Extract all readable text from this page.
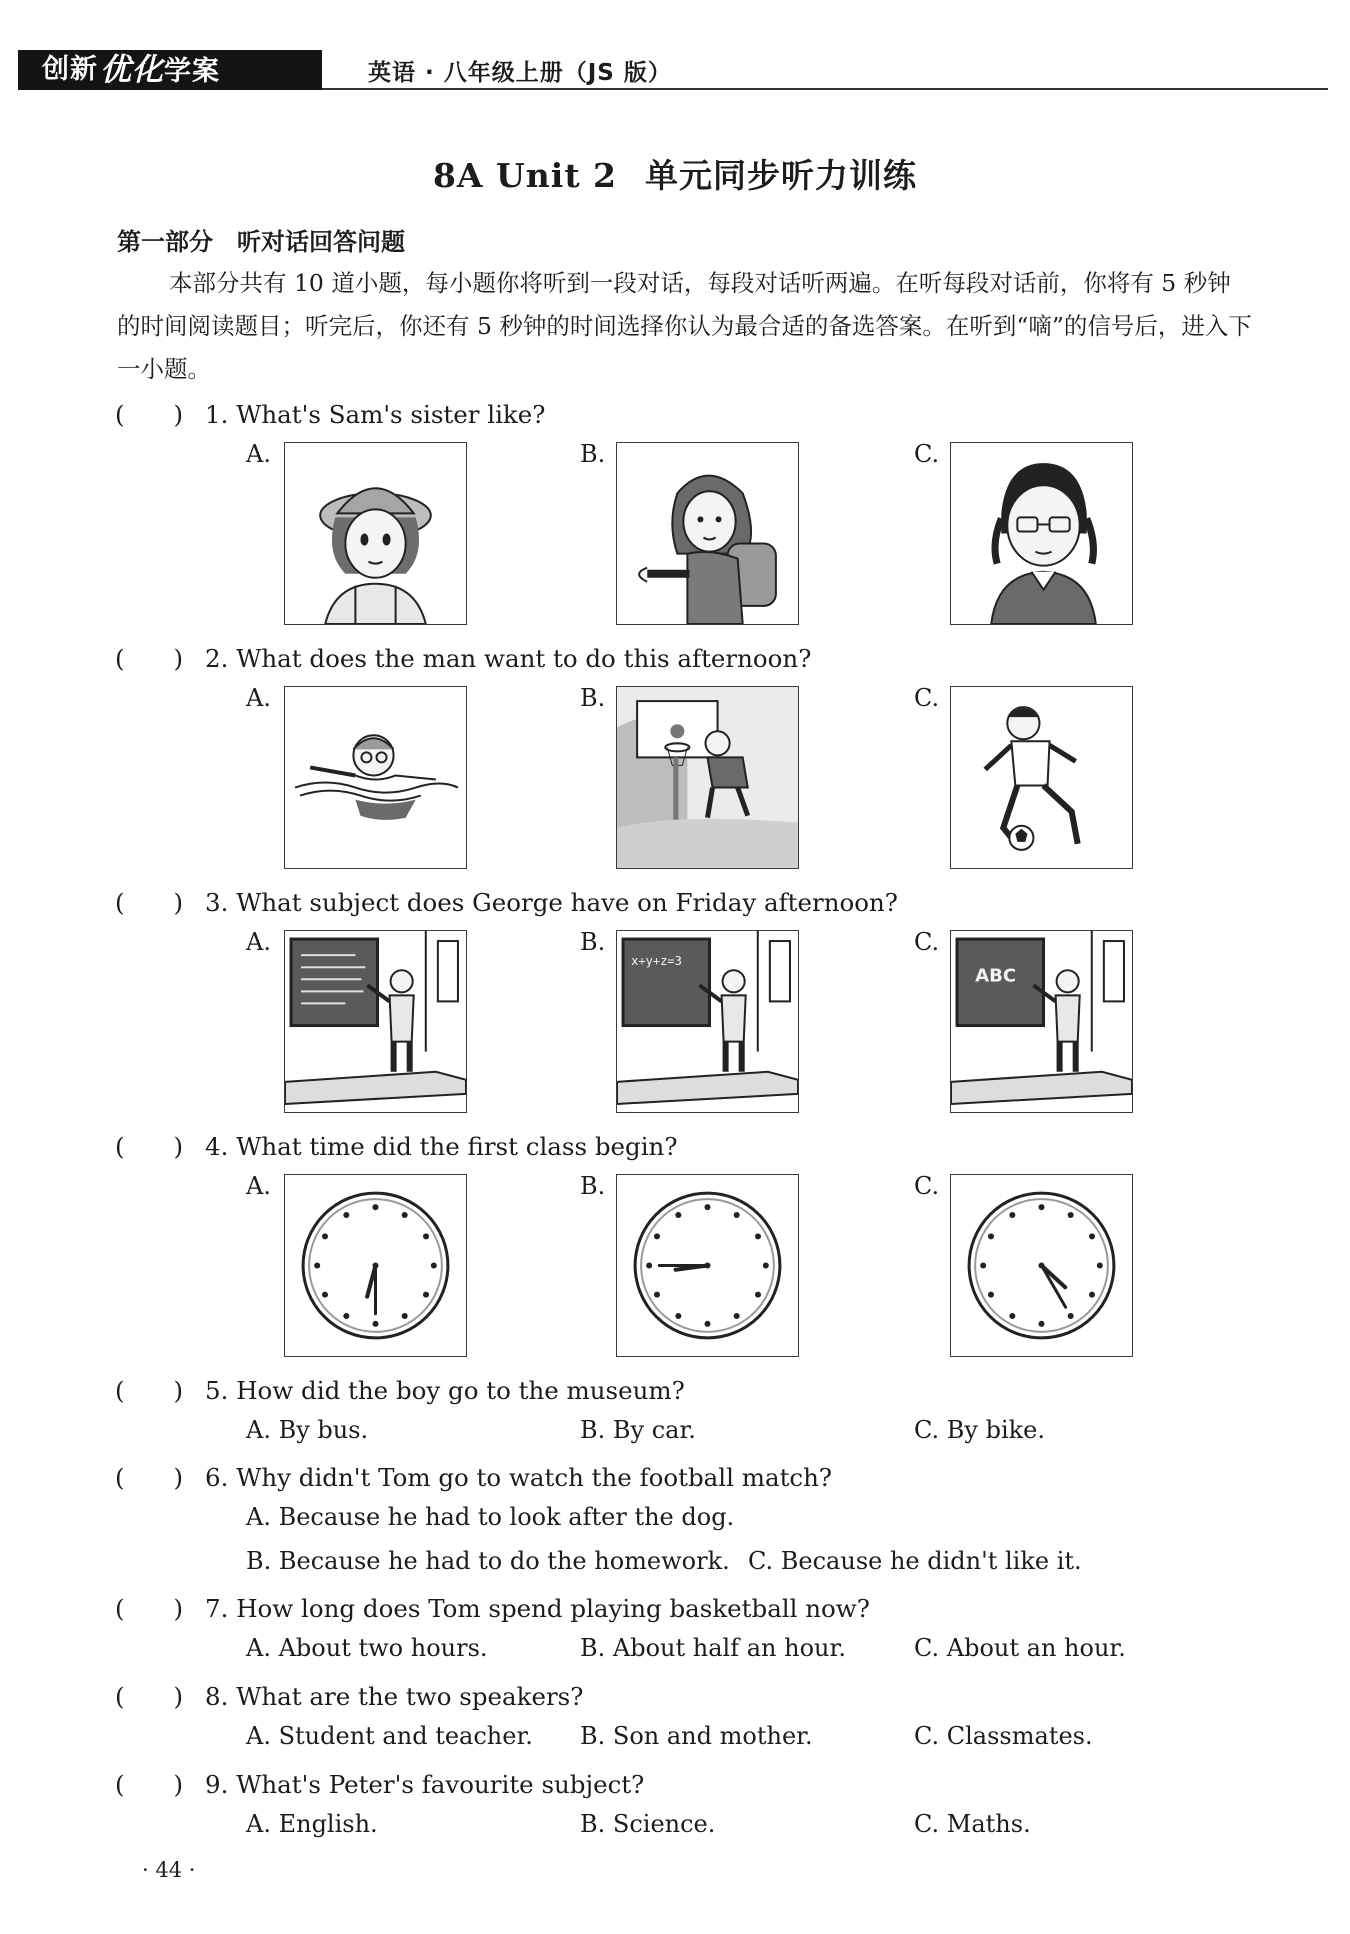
创新 优化学案	英语 · 八年级上册（JS 版）
8A Unit 2 单元同步听力训练
第一部分　听对话回答问题
本部分共有 10 道小题，每小题你将听到一段对话，每段对话听两遍。在听每段对话前，你将有 5 秒钟的时间阅读题目；听完后，你还有 5 秒钟的时间选择你认为最合适的备选答案。在听到“嘀”的信号后，进入下一小题。
(　　) 1. What's Sam's sister like?
A.	B.	C.
(　　) 2. What does the man want to do this afternoon?
A.	B.	C.
(　　) 3. What subject does George have on Friday afternoon?
A.	B.	C.
x+y+z=3
ABC
(　　) 4. What time did the first class begin?
A.	B.	C.
(　　) 5. How did the boy go to the museum?
A. By bus.	B. By car.	C. By bike.
(　　) 6. Why didn't Tom go to watch the football match?
A. Because he had to look after the dog.
B. Because he had to do the homework. C. Because he didn't like it.
(　　) 7. How long does Tom spend playing basketball now?
A. About two hours.	B. About half an hour.	C. About an hour.
(　　) 8. What are the two speakers?
A. Student and teacher. B. Son and mother.	C. Classmates.
(　　) 9. What's Peter's favourite subject?
A. English.	B. Science.	C. Maths.
· 44 ·
